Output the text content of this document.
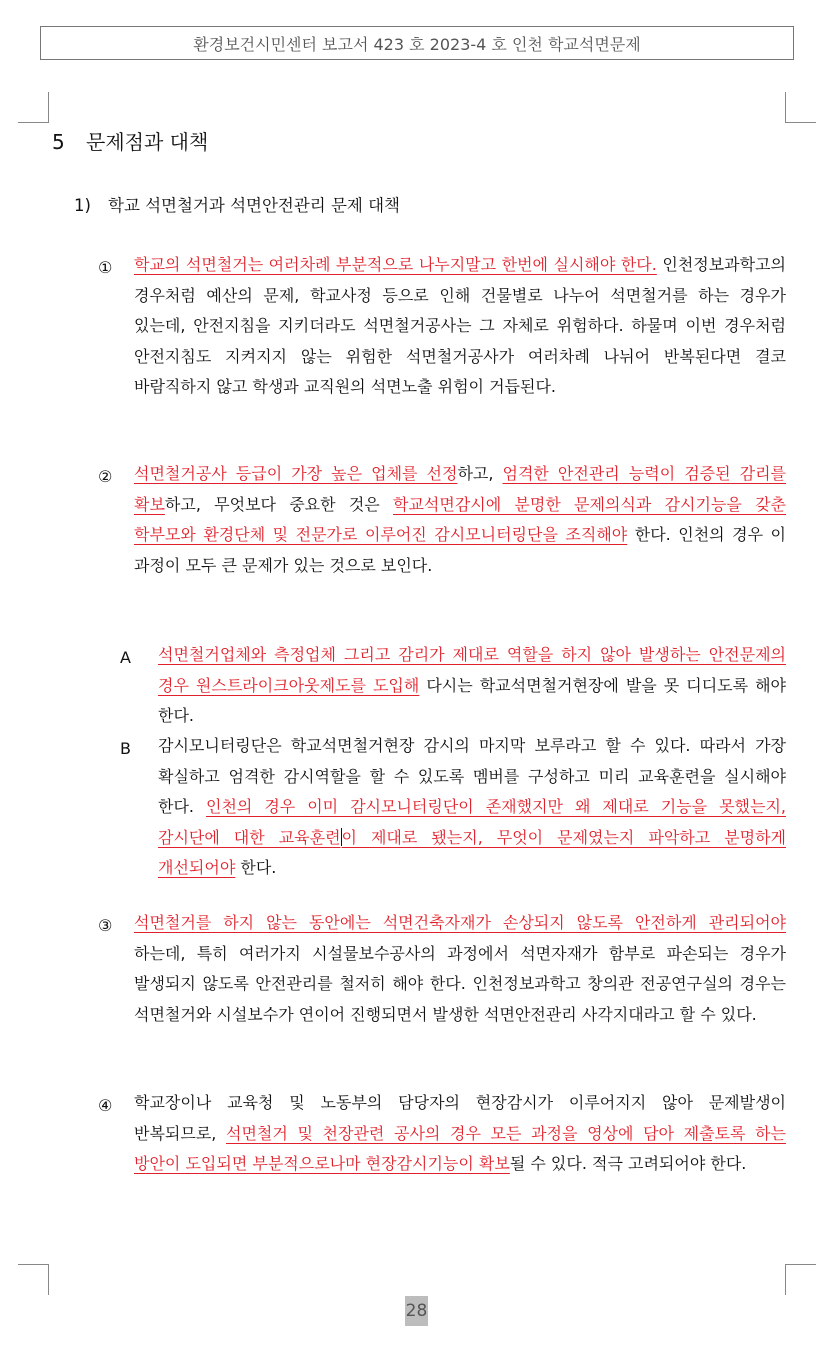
환경보건시민센터 보고서 423 호 2023-4 호 인천 학교석면문제
5 문제점과 대책
1) 학교 석면철거과 석면안전관리 문제 대책
① 학교의 석면철거는 여러차례 부분적으로 나누지말고 한번에 실시해야 한다. 인천정보과학고의 경우처럼 예산의 문제, 학교사정 등으로 인해 건물별로 나누어 석면철거를 하는 경우가 있는데, 안전지침을 지키더라도 석면철거공사는 그 자체로 위험하다. 하물며 이번 경우처럼 안전지침도 지켜지지 않는 위험한 석면철거공사가 여러차례 나뉘어 반복된다면 결코 바람직하지 않고 학생과 교직원의 석면노출 위험이 거듭된다.
② 석면철거공사 등급이 가장 높은 업체를 선정하고, 엄격한 안전관리 능력이 검증된 감리를 확보하고, 무엇보다 중요한 것은 학교석면감시에 분명한 문제의식과 감시기능을 갖춘 학부모와 환경단체 및 전문가로 이루어진 감시모니터링단을 조직해야 한다. 인천의 경우 이 과정이 모두 큰 문제가 있는 것으로 보인다.
A 석면철거업체와 측정업체 그리고 감리가 제대로 역할을 하지 않아 발생하는 안전문제의 경우 원스트라이크아웃제도를 도입해 다시는 학교석면철거현장에 발을 못 디디도록 해야 한다.
B 감시모니터링단은 학교석면철거현장 감시의 마지막 보루라고 할 수 있다. 따라서 가장 확실하고 엄격한 감시역할을 할 수 있도록 멤버를 구성하고 미리 교육훈련을 실시해야 한다. 인천의 경우 이미 감시모니터링단이 존재했지만 왜 제대로 기능을 못했는지, 감시단에 대한 교육훈련이 제대로 됐는지, 무엇이 문제였는지 파악하고 분명하게 개선되어야 한다.
③ 석면철거를 하지 않는 동안에는 석면건축자재가 손상되지 않도록 안전하게 관리되어야 하는데, 특히 여러가지 시설물보수공사의 과정에서 석면자재가 함부로 파손되는 경우가 발생되지 않도록 안전관리를 철저히 해야 한다. 인천정보과학고 창의관 전공연구실의 경우는 석면철거와 시설보수가 연이어 진행되면서 발생한 석면안전관리 사각지대라고 할 수 있다.
④ 학교장이나 교육청 및 노동부의 담당자의 현장감시가 이루어지지 않아 문제발생이 반복되므로, 석면철거 및 천장관련 공사의 경우 모든 과정을 영상에 담아 제출토록 하는 방안이 도입되면 부분적으로나마 현장감시기능이 확보될 수 있다. 적극 고려되어야 한다.
28
